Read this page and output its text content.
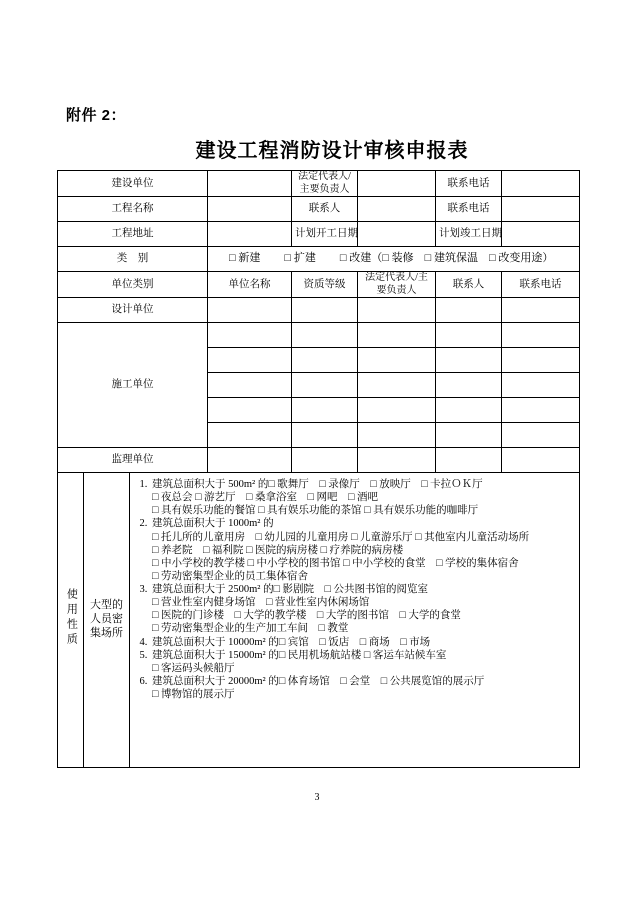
附件 2：
建设工程消防设计审核申报表
建设单位				法定代表人/主要负责人		联系电话	
工程名称				联系人		联系电话	
工程地址				计划开工日期		计划竣工日期	
类　别			□ 新建 □ 扩建 □ 改建（□ 装修　□ 建筑保温　□ 改变用途）				

单位类别			单位名称	资质等级	法定代表人/主要负责人	联系人	联系电话
设计单位							
施工单位							

监理单位							
使用性质	大型的人员密集场所	
1. 建筑总面积大于 500m² 的□ 歌舞厅　□ 录像厅　□ 放映厅　□ 卡拉ＯＫ厅
□ 夜总会 □ 游艺厅　□ 桑拿浴室　□ 网吧　□ 酒吧
□ 具有娱乐功能的餐馆 □ 具有娱乐功能的茶馆 □ 具有娱乐功能的咖啡厅
2. 建筑总面积大于 1000m² 的
□ 托儿所的儿童用房　□ 幼儿园的儿童用房 □ 儿童游乐厅 □ 其他室内儿童活动场所
□ 养老院　□ 福利院 □ 医院的病房楼 □ 疗养院的病房楼
□ 中小学校的教学楼 □ 中小学校的图书馆 □ 中小学校的食堂　□ 学校的集体宿舍
□ 劳动密集型企业的员工集体宿舍
3. 建筑总面积大于 2500m² 的□ 影剧院　□ 公共图书馆的阅览室
□ 营业性室内健身场馆　□ 营业性室内休闲场馆
□ 医院的门诊楼　□ 大学的教学楼　□ 大学的图书馆　□ 大学的食堂
□ 劳动密集型企业的生产加工车间　□ 教堂
4. 建筑总面积大于 10000m² 的□ 宾馆　□ 饭店　□ 商场　□ 市场
5. 建筑总面积大于 15000m² 的□ 民用机场航站楼 □ 客运车站候车室
□ 客运码头候船厅
6. 建筑总面积大于 20000m² 的□ 体育场馆　□ 会堂　□ 公共展览馆的展示厅
□ 博物馆的展示厅
3
